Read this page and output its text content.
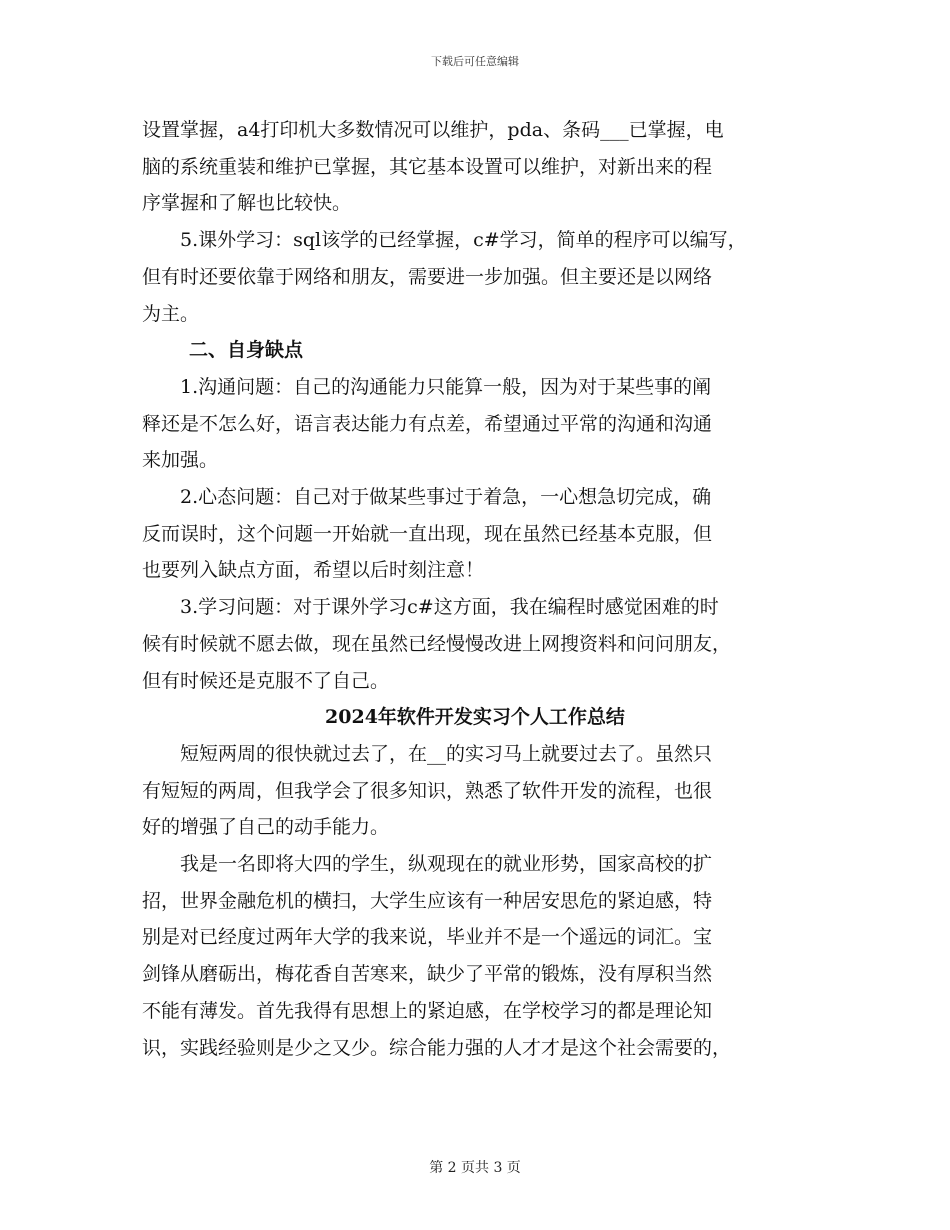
下载后可任意编辑
设置掌握，a4打印机大多数情况可以维护，pda、条码___已掌握，电
脑的系统重装和维护已掌握，其它基本设置可以维护，对新出来的程
序掌握和了解也比较快。
5.课外学习：sql该学的已经掌握，c#学习，简单的程序可以编写，
但有时还要依靠于网络和朋友，需要进一步加强。但主要还是以网络
为主。
二、自身缺点
1.沟通问题：自己的沟通能力只能算一般，因为对于某些事的阐
释还是不怎么好，语言表达能力有点差，希望通过平常的沟通和沟通
来加强。
2.心态问题：自己对于做某些事过于着急，一心想急切完成，确
反而误时，这个问题一开始就一直出现，现在虽然已经基本克服，但
也要列入缺点方面，希望以后时刻注意！
3.学习问题：对于课外学习c#这方面，我在编程时感觉困难的时
候有时候就不愿去做，现在虽然已经慢慢改进上网搜资料和问问朋友，
但有时候还是克服不了自己。
2024年软件开发实习个人工作总结
短短两周的很快就过去了，在__的实习马上就要过去了。虽然只
有短短的两周，但我学会了很多知识，熟悉了软件开发的流程，也很
好的增强了自己的动手能力。
我是一名即将大四的学生，纵观现在的就业形势，国家高校的扩
招，世界金融危机的横扫，大学生应该有一种居安思危的紧迫感，特
别是对已经度过两年大学的我来说，毕业并不是一个遥远的词汇。宝
剑锋从磨砺出，梅花香自苦寒来，缺少了平常的锻炼，没有厚积当然
不能有薄发。首先我得有思想上的紧迫感，在学校学习的都是理论知
识，实践经验则是少之又少。综合能力强的人才才是这个社会需要的，
第 2 页共 3 页
